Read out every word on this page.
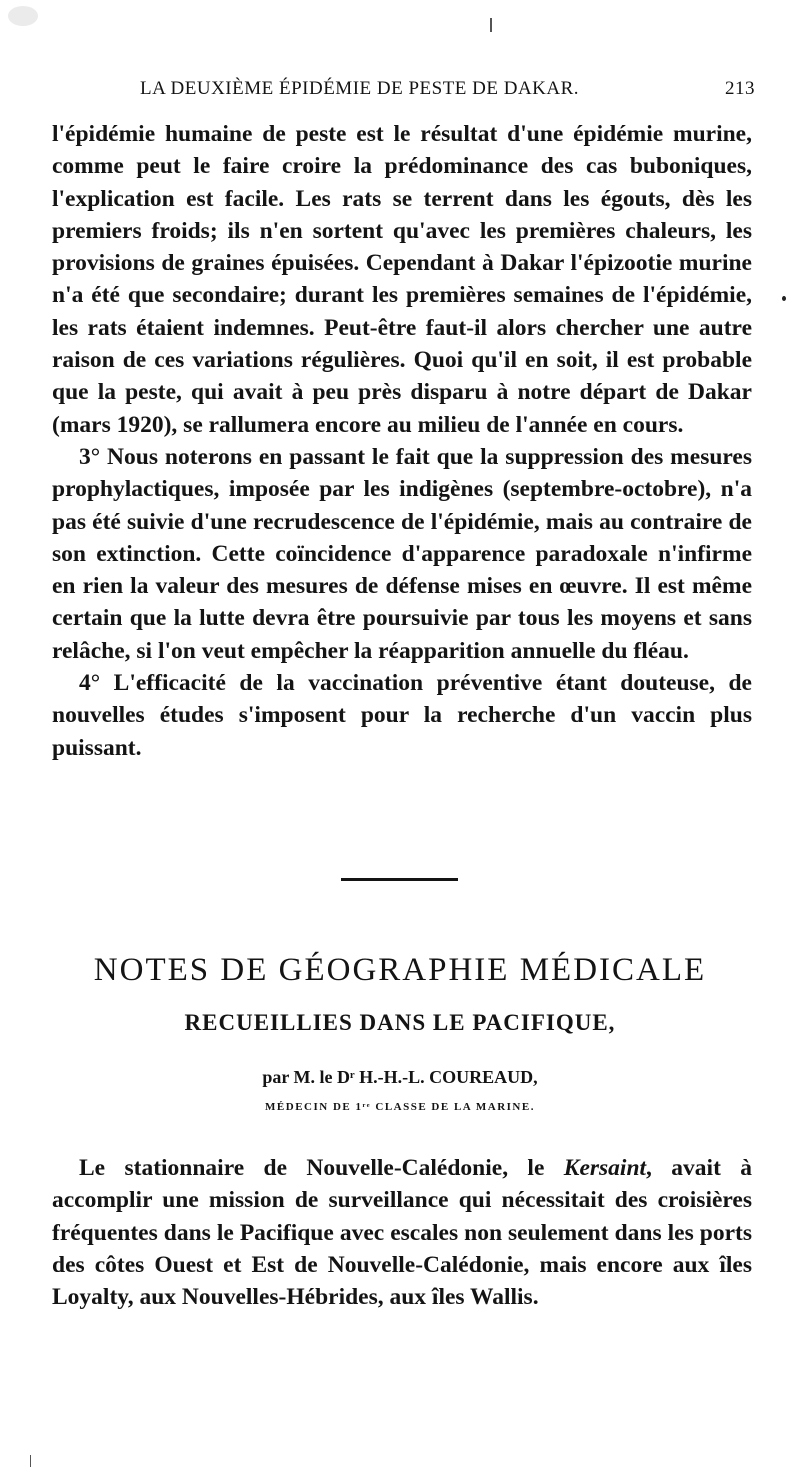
LA DEUXIÈME ÉPIDÉMIE DE PESTE DE DAKAR.	213

l'épidémie humaine de peste est le résultat d'une épidémie murine, comme peut le faire croire la prédominance des cas buboniques, l'explication est facile. Les rats se terrent dans les égouts, dès les premiers froids; ils n'en sortent qu'avec les premières chaleurs, les provisions de graines épuisées. Cependant à Dakar l'épizootie murine n'a été que secondaire; durant les premières semaines de l'épidémie, les rats étaient indemnes. Peut-être faut-il alors chercher une autre raison de ces variations régulières. Quoi qu'il en soit, il est probable que la peste, qui avait à peu près disparu à notre départ de Dakar (mars 1920), se rallumera encore au milieu de l'année en cours.

3° Nous noterons en passant le fait que la suppression des mesures prophylactiques, imposée par les indigènes (septembre-octobre), n'a pas été suivie d'une recrudescence de l'épidémie, mais au contraire de son extinction. Cette coïncidence d'apparence paradoxale n'infirme en rien la valeur des mesures de défense mises en œuvre. Il est même certain que la lutte devra être poursuivie par tous les moyens et sans relâche, si l'on veut empêcher la réapparition annuelle du fléau.

4° L'efficacité de la vaccination préventive étant douteuse, de nouvelles études s'imposent pour la recherche d'un vaccin plus puissant.

NOTES DE GÉOGRAPHIE MÉDICALE
RECUEILLIES DANS LE PACIFIQUE,
par M. le Dʳ H.-H.-L. COUREAUD,
MÉDECIN DE 1ʳᵉ CLASSE DE LA MARINE.

Le stationnaire de Nouvelle-Calédonie, le Kersaint, avait à accomplir une mission de surveillance qui nécessitait des croisières fréquentes dans le Pacifique avec escales non seulement dans les ports des côtes Ouest et Est de Nouvelle-Calédonie, mais encore aux îles Loyalty, aux Nouvelles-Hébrides, aux îles Wallis.
